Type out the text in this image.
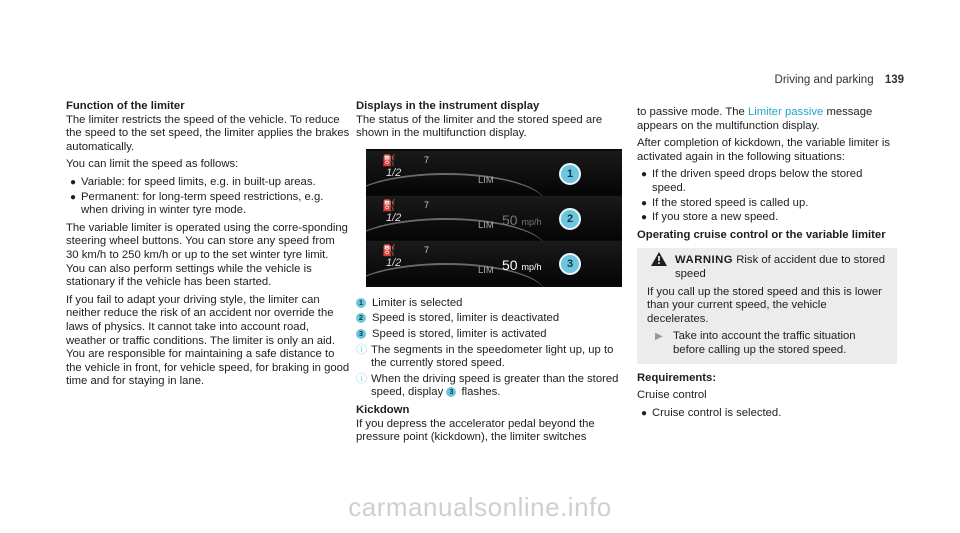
Driving and parking 139
Function of the limiter

The limiter restricts the speed of the vehicle. To reduce the speed to the set speed, the limiter applies the brakes automatically.

You can limit the speed as follows:

● Variable: for speed limits, e.g. in built-up areas.
● Permanent: for long-term speed restrictions, e.g. when driving in winter tyre mode.

The variable limiter is operated using the corre-sponding steering wheel buttons. You can store any speed from 30 km/h to 250 km/h or up to the set winter tyre limit. You can also perform settings while the vehicle is stationary if the vehicle has been started.

If you fail to adapt your driving style, the limiter can neither reduce the risk of an accident nor override the laws of physics. It cannot take into account road, weather or traffic conditions. The limiter is only an aid. You are responsible for maintaining a safe distance to the vehicle in front, for vehicle speed, for braking in good time and for staying in lane.

Displays in the instrument display

The status of the limiter and the stored speed are shown in the multifunction display.

⛽
1/2
7
LIM
1
⛽
1/2
7
LIM 50 mp/h	2
⛽
1/2
7
LIM 50 mp/h	3
1 Limiter is selected
2 Speed is stored, limiter is deactivated
3 Speed is stored, limiter is activated
ⓘ The segments in the speedometer light up, up to the currently stored speed.
ⓘ When the driving speed is greater than the stored speed, display 3 flashes.
Kickdown

If you depress the accelerator pedal beyond the pressure point (kickdown), the limiter switches

to passive mode. The Limiter passive message appears on the multifunction display.

After completion of kickdown, the variable limiter is activated again in the following situations:

● If the driven speed drops below the stored speed.
● If the stored speed is called up.
● If you store a new speed.
Operating cruise control or the variable limiter
WARNING Risk of accident due to stored speed

If you call up the stored speed and this is lower than your current speed, the vehicle decelerates.

▶ Take into account the traffic situation before calling up the stored speed.
Requirements:

Cruise control

● Cruise control is selected.
carmanualsonline.info
